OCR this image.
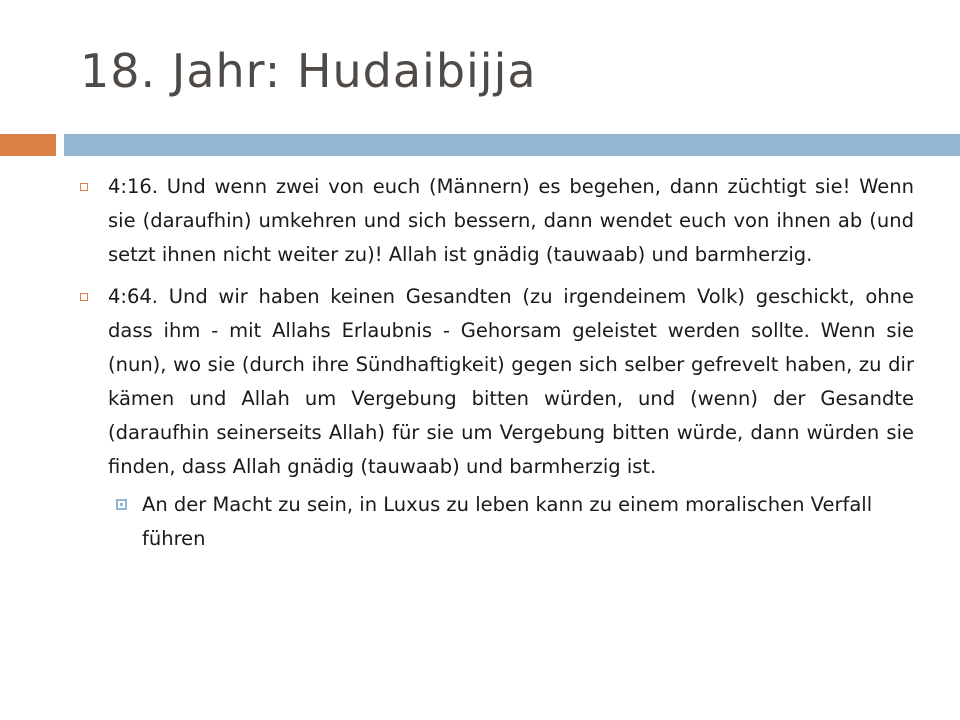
18. Jahr: Hudaibijja
4:16. Und wenn zwei von euch (Männern) es begehen, dann züchtigt sie! Wenn sie (daraufhin) umkehren und sich bessern, dann wendet euch von ihnen ab (und setzt ihnen nicht weiter zu)! Allah ist gnädig (tauwaab) und barmherzig.
4:64. Und wir haben keinen Gesandten (zu irgendeinem Volk) geschickt, ohne dass ihm - mit Allahs Erlaubnis - Gehorsam geleistet werden sollte. Wenn sie (nun), wo sie (durch ihre Sündhaftigkeit) gegen sich selber gefrevelt haben, zu dir kämen und Allah um Vergebung bitten würden, und (wenn) der Gesandte (daraufhin seinerseits Allah) für sie um Vergebung bitten würde, dann würden sie finden, dass Allah gnädig (tauwaab) und barmherzig ist.
An der Macht zu sein, in Luxus zu leben kann zu einem moralischen Verfall führen
